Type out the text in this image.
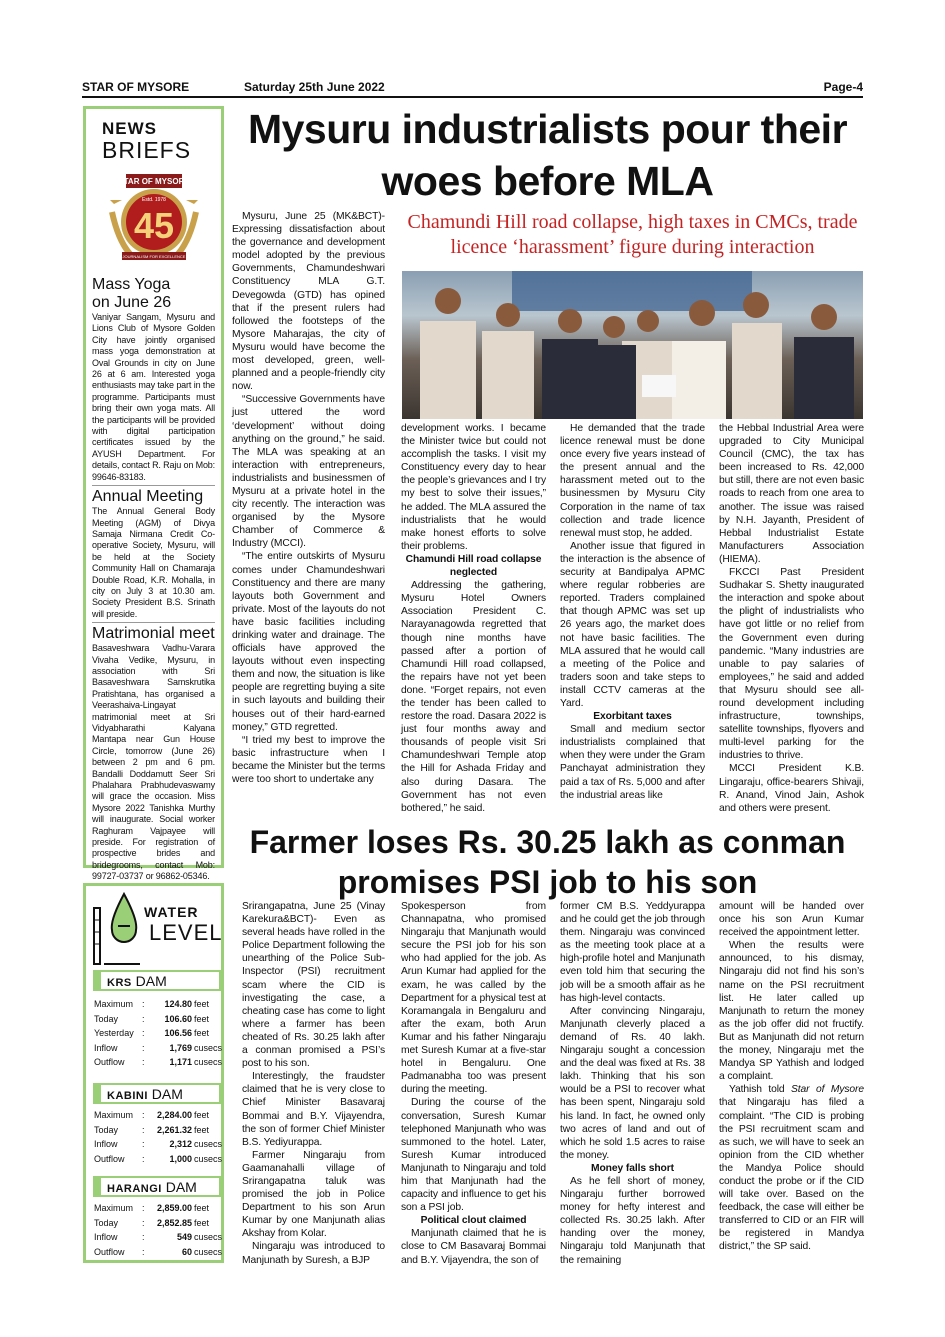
STAR OF MYSORE	Saturday 25th June 2022	Page-4
NEWS
BRIEFS
STAR OF MYSORE
Estd. 1978
45
JOURNALISM FOR EXCELLENCE
Mass Yoga on June 26
Vaniyar Sangam, Mysuru and Lions Club of Mysore Golden City have jointly organised mass yoga demonstration at Oval Grounds in city on June 26 at 6 am. Interested yoga enthusiasts may take part in the programme. Participants must bring their own yoga mats. All the participants will be provided with digital participation certificates issued by the AYUSH Department. For details, contact R. Raju on Mob: 99646-83183.
Annual Meeting
The Annual General Body Meeting (AGM) of Divya Samaja Nirmana Credit Co-operative Society, Mysuru, will be held at the Society Community Hall on Chamaraja Double Road, K.R. Mohalla, in city on July 3 at 10.30 am. Society President B.S. Srinath will preside.
Matrimonial meet
Basaveshwara Vadhu-Varara Vivaha Vedike, Mysuru, in association with Sri Basaveshwara Samskrutika Pratishtana, has organised a Veerashaiva-Lingayat matrimonial meet at Sri Vidyabharathi Kalyana Mantapa near Gun House Circle, tomorrow (June 26) between 2 pm and 6 pm. Bandalli Doddamutt Seer Sri Phalahara Prabhudevaswamy will grace the occasion. Miss Mysore 2022 Tanishka Murthy will inaugurate. Social worker Raghuram Vajpayee will preside. For registration of prospective brides and bridegrooms, contact Mob: 99727-03737 or 96862-05346.
WATER
LEVEL
KRS DAM
Maximum : 124.80 feet
Today	: 106.60 feet
Yesterday : 106.56 feet
Inflow	:	1,769 cusecs
Outflow :	1,171 cusecs
KABINI DAM
Maximum : 2,284.00 feet
Today	: 2,261.32 feet
Inflow	:	2,312 cusecs
Outflow :	1,000 cusecs
HARANGI DAM
Maximum : 2,859.00 feet
Today	: 2,852.85 feet
Inflow	:	549 cusecs
Outflow :	60 cusecs
Mysuru industrialists pour their woes before MLA
Chamundi Hill road collapse, high taxes in CMCs, trade licence ‘harassment’ figure during interaction

Mysuru, June 25 (MK&BCT)- Expressing dissatisfaction about the governance and development model adopted by the previous Governments, Chamundeshwari Constituency MLA G.T. Devegowda (GTD) has opined that if the present rulers had followed the footsteps of the Mysore Maharajas, the city of Mysuru would have become the most developed, green, well-planned and a people-friendly city now.

“Successive Governments have just uttered the word ‘development’ without doing anything on the ground,” he said. The MLA was speaking at an interaction with entrepreneurs, industrialists and businessmen of Mysuru at a private hotel in the city recently. The interaction was organised by the Mysore Chamber of Commerce & Industry (MCCI).

“The entire outskirts of Mysuru comes under Chamundeshwari Constituency and there are many layouts both Government and private. Most of the layouts do not have basic facilities including drinking water and drainage. The officials have approved the layouts without even inspecting them and now, the situation is like people are regretting buying a site in such layouts and building their houses out of their hard-earned money,” GTD regretted.

“I tried my best to improve the basic infrastructure when I became the Minister but the terms were too short to undertake any

development works. I became the Minister twice but could not accomplish the tasks. I visit my Constituency every day to hear the people’s grievances and I try my best to solve their issues,” he added. The MLA assured the industrialists that he would make honest efforts to solve their problems.

Chamundi Hill road collapse neglected

Addressing the gathering, Mysuru Hotel Owners Association President C. Narayanagowda regretted that though nine months have passed after a portion of Chamundi Hill road collapsed, the repairs have not yet been done. “Forget repairs, not even the tender has been called to restore the road. Dasara 2022 is just four months away and thousands of people visit Sri Chamundeshwari Temple atop the Hill for Ashada Friday and also during Dasara. The Government has not even bothered,” he said.

He demanded that the trade licence renewal must be done once every five years instead of the present annual and the harassment meted out to the businessmen by Mysuru City Corporation in the name of tax collection and trade licence renewal must stop, he added.

Another issue that figured in the interaction is the absence of security at Bandipalya APMC where regular robberies are reported. Traders complained that though APMC was set up 26 years ago, the market does not have basic facilities. The MLA assured that he would call a meeting of the Police and traders soon and take steps to install CCTV cameras at the Yard.

Exorbitant taxes

Small and medium sector industrialists complained that when they were under the Gram Panchayat administration they paid a tax of Rs. 5,000 and after the industrial areas like

the Hebbal Industrial Area were upgraded to City Municipal Council (CMC), the tax has been increased to Rs. 42,000 but still, there are not even basic roads to reach from one area to another. The issue was raised by N.H. Jayanth, President of Hebbal Industrialist Estate Manufacturers Association (HIEMA).

FKCCI Past President Sudhakar S. Shetty inaugurated the interaction and spoke about the plight of industrialists who have got little or no relief from the Government even during pandemic. “Many industries are unable to pay salaries of employees,” he said and added that Mysuru should see all-round development including infrastructure, townships, satellite townships, flyovers and multi-level parking for the industries to thrive.

MCCI President K.B. Lingaraju, office-bearers Shivaji, R. Anand, Vinod Jain, Ashok and others were present.

Farmer loses Rs. 30.25 lakh as conman promises PSI job to his son

Srirangapatna, June 25 (Vinay Karekura&BCT)- Even as several heads have rolled in the Police Department following the unearthing of the Police Sub-Inspector (PSI) recruitment scam where the CID is investigating the case, a cheating case has come to light where a farmer has been cheated of Rs. 30.25 lakh after a conman promised a PSI’s post to his son.

Interestingly, the fraudster claimed that he is very close to Chief Minister Basavaraj Bommai and B.Y. Vijayendra, the son of former Chief Minister B.S. Yediyurappa.

Farmer Ningaraju from Gaamanahalli village of Srirangapatna taluk was promised the job in Police Department to his son Arun Kumar by one Manjunath alias Akshay from Kolar.

Ningaraju was introduced to Manjunath by Suresh, a BJP

Spokesperson from Channapatna, who promised Ningaraju that Manjunath would secure the PSI job for his son who had applied for the job. As Arun Kumar had applied for the exam, he was called by the Department for a physical test at Koramangala in Bengaluru and after the exam, both Arun Kumar and his father Ningaraju met Suresh Kumar at a five-star hotel in Bengaluru. One Padmanabha too was present during the meeting.

During the course of the conversation, Suresh Kumar telephoned Manjunath who was summoned to the hotel. Later, Suresh Kumar introduced Manjunath to Ningaraju and told him that Manjunath had the capacity and influence to get his son a PSI job.

Political clout claimed

Manjunath claimed that he is close to CM Basavaraj Bommai and B.Y. Vijayendra, the son of

former CM B.S. Yeddyurappa and he could get the job through them. Ningaraju was convinced as the meeting took place at a high-profile hotel and Manjunath even told him that securing the job will be a smooth affair as he has high-level contacts.

After convincing Ningaraju, Manjunath cleverly placed a demand of Rs. 40 lakh. Ningaraju sought a concession and the deal was fixed at Rs. 38 lakh. Thinking that his son would be a PSI to recover what has been spent, Ningaraju sold his land. In fact, he owned only two acres of land and out of which he sold 1.5 acres to raise the money.

Money falls short

As he fell short of money, Ningaraju further borrowed money for hefty interest and collected Rs. 30.25 lakh. After handing over the money, Ningaraju told Manjunath that the remaining

amount will be handed over once his son Arun Kumar received the appointment letter.

When the results were announced, to his dismay, Ningaraju did not find his son’s name on the PSI recruitment list. He later called up Manjunath to return the money as the job offer did not fructify. But as Manjunath did not return the money, Ningaraju met the Mandya SP Yathish and lodged a complaint.

Yathish told Star of Mysore that Ningaraju has filed a complaint. “The CID is probing the PSI recruitment scam and as such, we will have to seek an opinion from the CID whether the Mandya Police should conduct the probe or if the CID will take over. Based on the feedback, the case will either be transferred to CID or an FIR will be registered in Mandya district,” the SP said.
